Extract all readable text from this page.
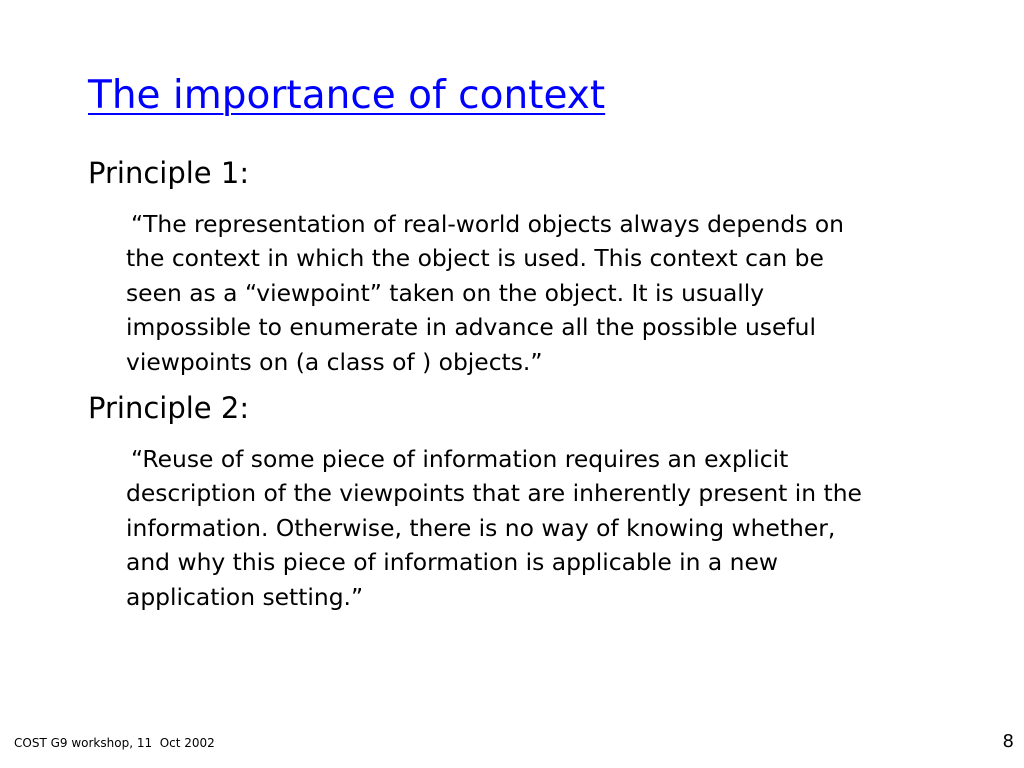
The importance of context
Principle 1:

“The representation of real-world objects always depends on
the context in which the object is used. This context can be
seen as a “viewpoint” taken on the object. It is usually
impossible to enumerate in advance all the possible useful
viewpoints on (a class of ) objects.”

Principle 2:

“Reuse of some piece of information requires an explicit
description of the viewpoints that are inherently present in the
information. Otherwise, there is no way of knowing whether,
and why this piece of information is applicable in a new
application setting.”

COST G9 workshop, 11  Oct 2002	8
